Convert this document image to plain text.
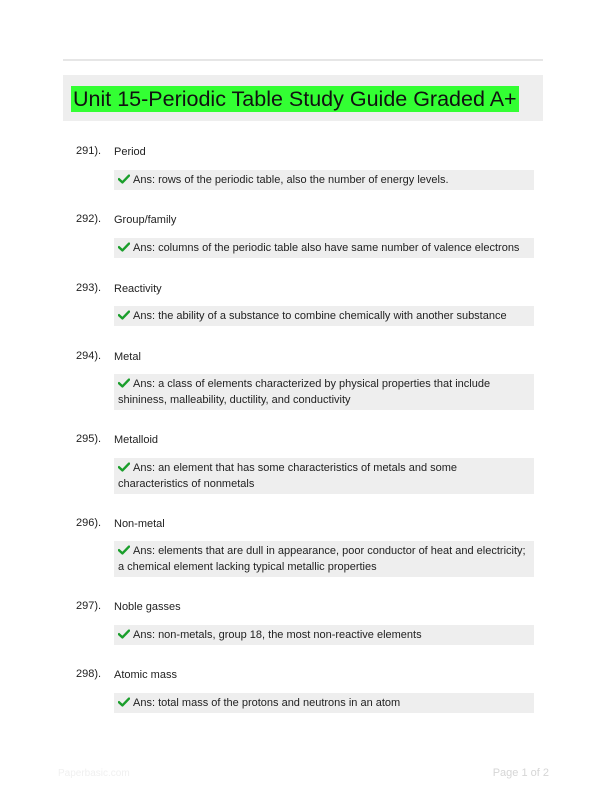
Unit 15-Periodic Table Study Guide Graded A+
291). Period
Ans: rows of the periodic table, also the number of energy levels.
292). Group/family
Ans: columns of the periodic table also have same number of valence electrons
293). Reactivity
Ans: the ability of a substance to combine chemically with another substance
294). Metal
Ans: a class of elements characterized by physical properties that include shininess, malleability, ductility, and conductivity
295). Metalloid
Ans: an element that has some characteristics of metals and some characteristics of nonmetals
296). Non-metal
Ans: elements that are dull in appearance, poor conductor of heat and electricity; a chemical element lacking typical metallic properties
297). Noble gasses
Ans: non-metals, group 18, the most non-reactive elements
298). Atomic mass
Ans: total mass of the protons and neutrons in an atom
Paperbasic.com	Page 1 of 2
